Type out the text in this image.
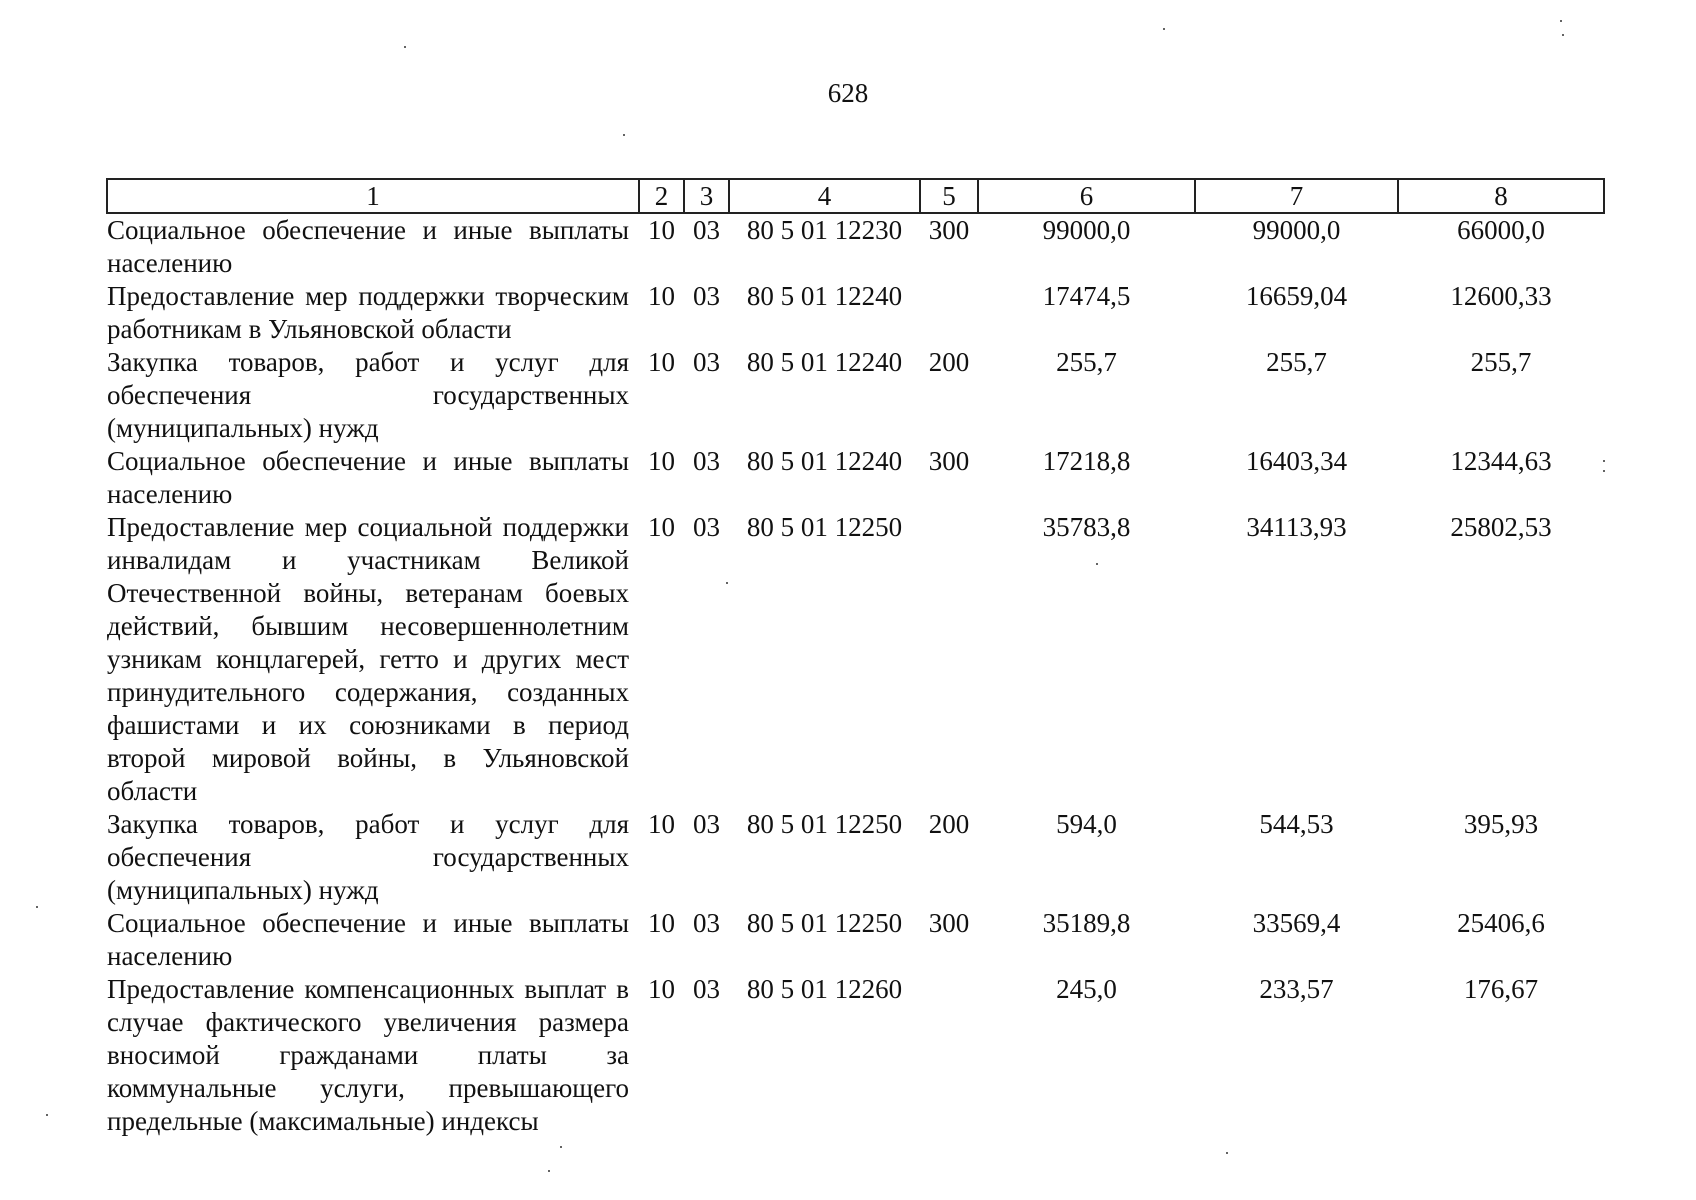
628
1	2	3	4	5	6	7	8
Социальное обеспечение и иные выплаты населению	10	03	80 5 01 12230	300	99000,0	99000,0	66000,0
Предоставление мер поддержки творческим работникам в Ульяновской области	10	03	80 5 01 12240		17474,5	16659,04	12600,33
Закупка товаров, работ и услуг для обеспечения государственных (муниципальных) нужд	10	03	80 5 01 12240	200	255,7	255,7	255,7
Социальное обеспечение и иные выплаты населению	10	03	80 5 01 12240	300	17218,8	16403,34	12344,63
Предоставление мер социальной поддержки инвалидам и участникам Великой Отечественной войны, ветеранам боевых действий, бывшим несовершеннолетним узникам концлагерей, гетто и других мест принудительного содержания, созданных фашистами и их союзниками в период второй мировой войны, в Ульяновской области	10	03	80 5 01 12250		35783,8	34113,93	25802,53
Закупка товаров, работ и услуг для обеспечения государственных (муниципальных) нужд	10	03	80 5 01 12250	200	594,0	544,53	395,93
Социальное обеспечение и иные выплаты населению	10	03	80 5 01 12250	300	35189,8	33569,4	25406,6
Предоставление компенсационных выплат в случае фактического увеличения размера вносимой гражданами платы за коммунальные услуги, превышающего предельные (максимальные) индексы	10	03	80 5 01 12260		245,0	233,57	176,67
